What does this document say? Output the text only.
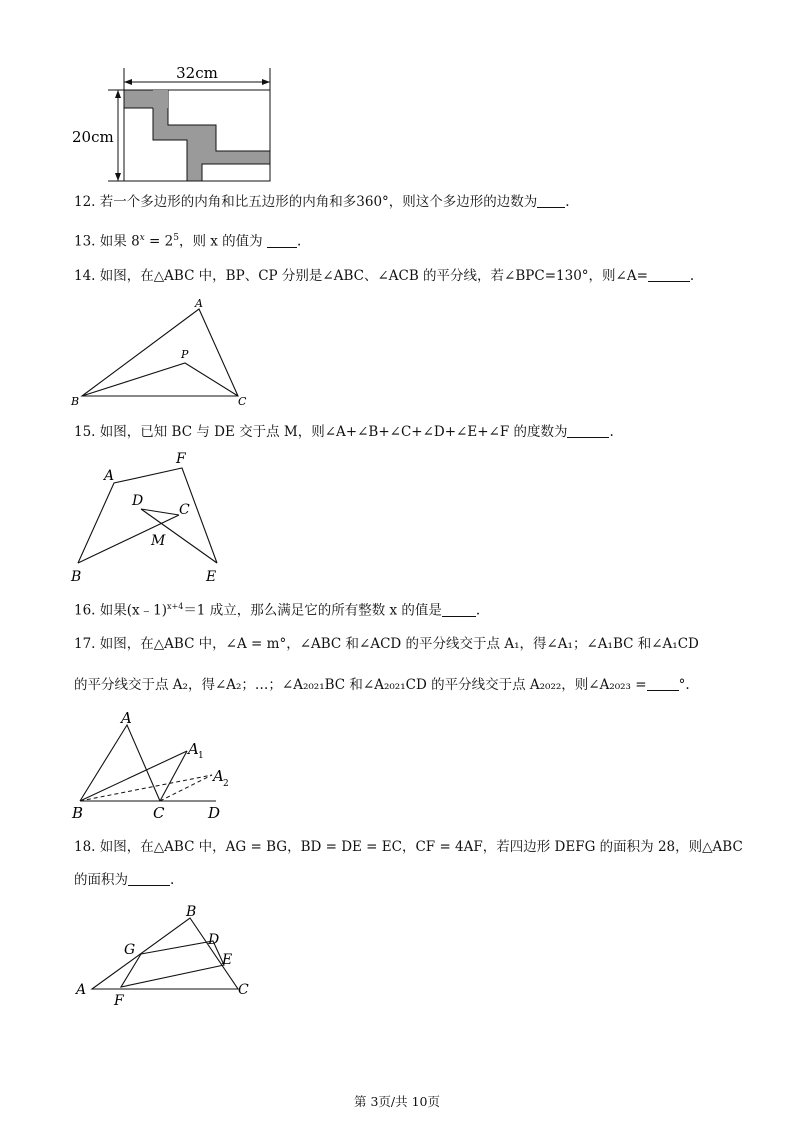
32cm
20cm
12. 若一个多边形的内角和比五边形的内角和多360°，则这个多边形的边数为 .
13. 如果 $8^x = 2^5$，则 x 的值为	.
14. 如图，在△ABC 中，BP、CP 分别是∠ABC、∠ACB 的平分线，若∠BPC=130°，则∠A=	.
A
P
B	C
15. 如图，已知 BC 与 DE 交于点 M，则∠A+∠B+∠C+∠D+∠E+∠F 的度数为	.
A
F
D
C
M
B	E
16. 如果(x﹣1)$^{x+4}$＝1 成立，那么满足它的所有整数 x 的值是	.
17. 如图，在△ABC 中，∠A = m°，∠ABC 和∠ACD 的平分线交于点 A₁，得∠A₁；∠A₁BC 和∠A₁CD
的平分线交于点 A₂，得∠A₂；…；∠A₂₀₂₁BC 和∠A₂₀₂₁CD 的平分线交于点 A₂₀₂₂，则∠A₂₀₂₃ = °.
A
A 1
A 2
B	C	D
18. 如图，在△ABC 中，AG = BG，BD = DE = EC，CF = 4AF，若四边形 DEFG 的面积为 28，则△ABC
的面积为	.
B
G
D
E
A	C
F
第 3页/共 10页
